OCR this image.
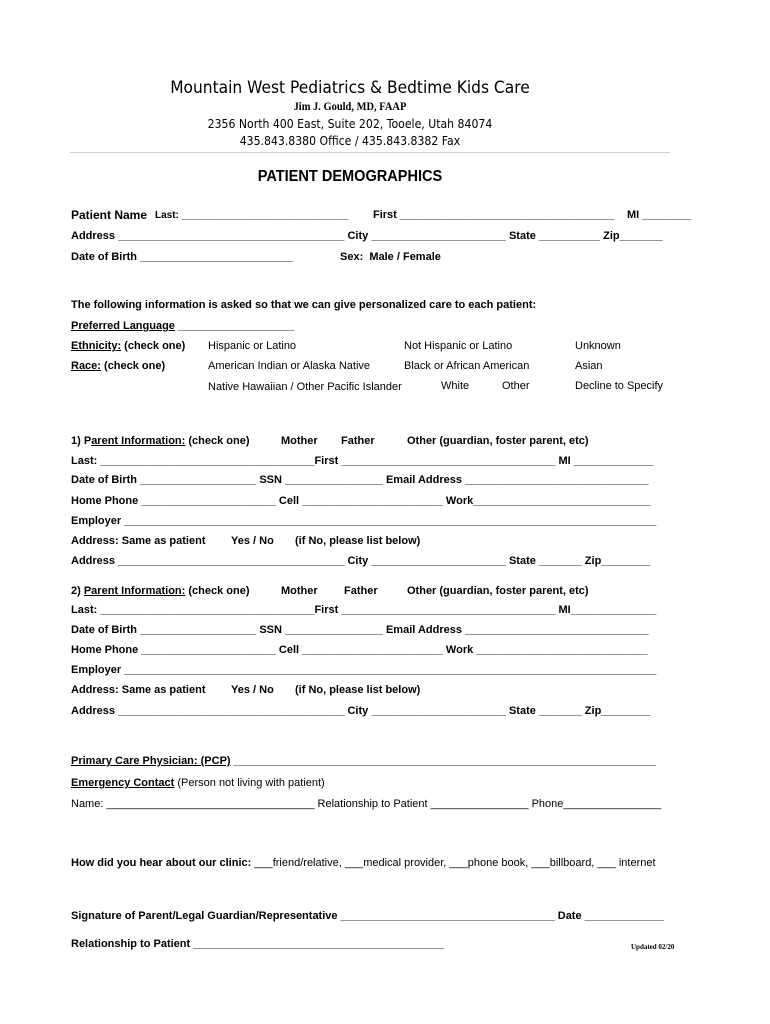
Mountain West Pediatrics & Bedtime Kids Care
Jim J. Gould, MD, FAAP
2356 North 400 East, Suite 202, Tooele, Utah 84074
435.843.8380 Office / 435.843.8382 Fax
PATIENT DEMOGRAPHICS
Patient Name Last: ______________________________ First ___________________________________ MI ________
Address _____________________________________ City ______________________ State __________ Zip_______
Date of Birth _________________________	Sex:  Male / Female
The following information is asked so that we can give personalized care to each patient:
Preferred Language ___________________
Ethnicity: (check one) Hispanic or Latino	Not Hispanic or Latino	Unknown
Race: (check one)	American Indian or Alaska Native	Black or African American	Asian
Native Hawaiian / Other Pacific Islander	White	Other	Decline to Specify
1) Parent Information: (check one)	Mother Father	Other (guardian, foster parent, etc)
Last: ___________________________________First ___________________________________ MI _____________
Date of Birth ___________________ SSN ________________ Email Address ______________________________
Home Phone ______________________ Cell _______________________ Work_____________________________
Employer _______________________________________________________________________________________
Address: Same as patient Yes / No (if No, please list below)
Address _____________________________________ City ______________________ State _______ Zip________
2) Parent Information: (check one)	Mother Father	Other (guardian, foster parent, etc)
Last: ___________________________________First ___________________________________ MI______________
Date of Birth ___________________ SSN ________________ Email Address ______________________________
Home Phone ______________________ Cell _______________________ Work ____________________________
Employer _______________________________________________________________________________________
Address: Same as patient Yes / No (if No, please list below)
Address _____________________________________ City ______________________ State _______ Zip________
Primary Care Physician: (PCP) _____________________________________________________________________
Emergency Contact (Person not living with patient)
Name: __________________________________ Relationship to Patient ________________ Phone________________
How did you hear about our clinic: ___friend/relative, ___medical provider, ___phone book, ___billboard, ___ internet
Signature of Parent/Legal Guardian/Representative ___________________________________ Date _____________
Relationship to Patient _________________________________________	Updated 02/20
